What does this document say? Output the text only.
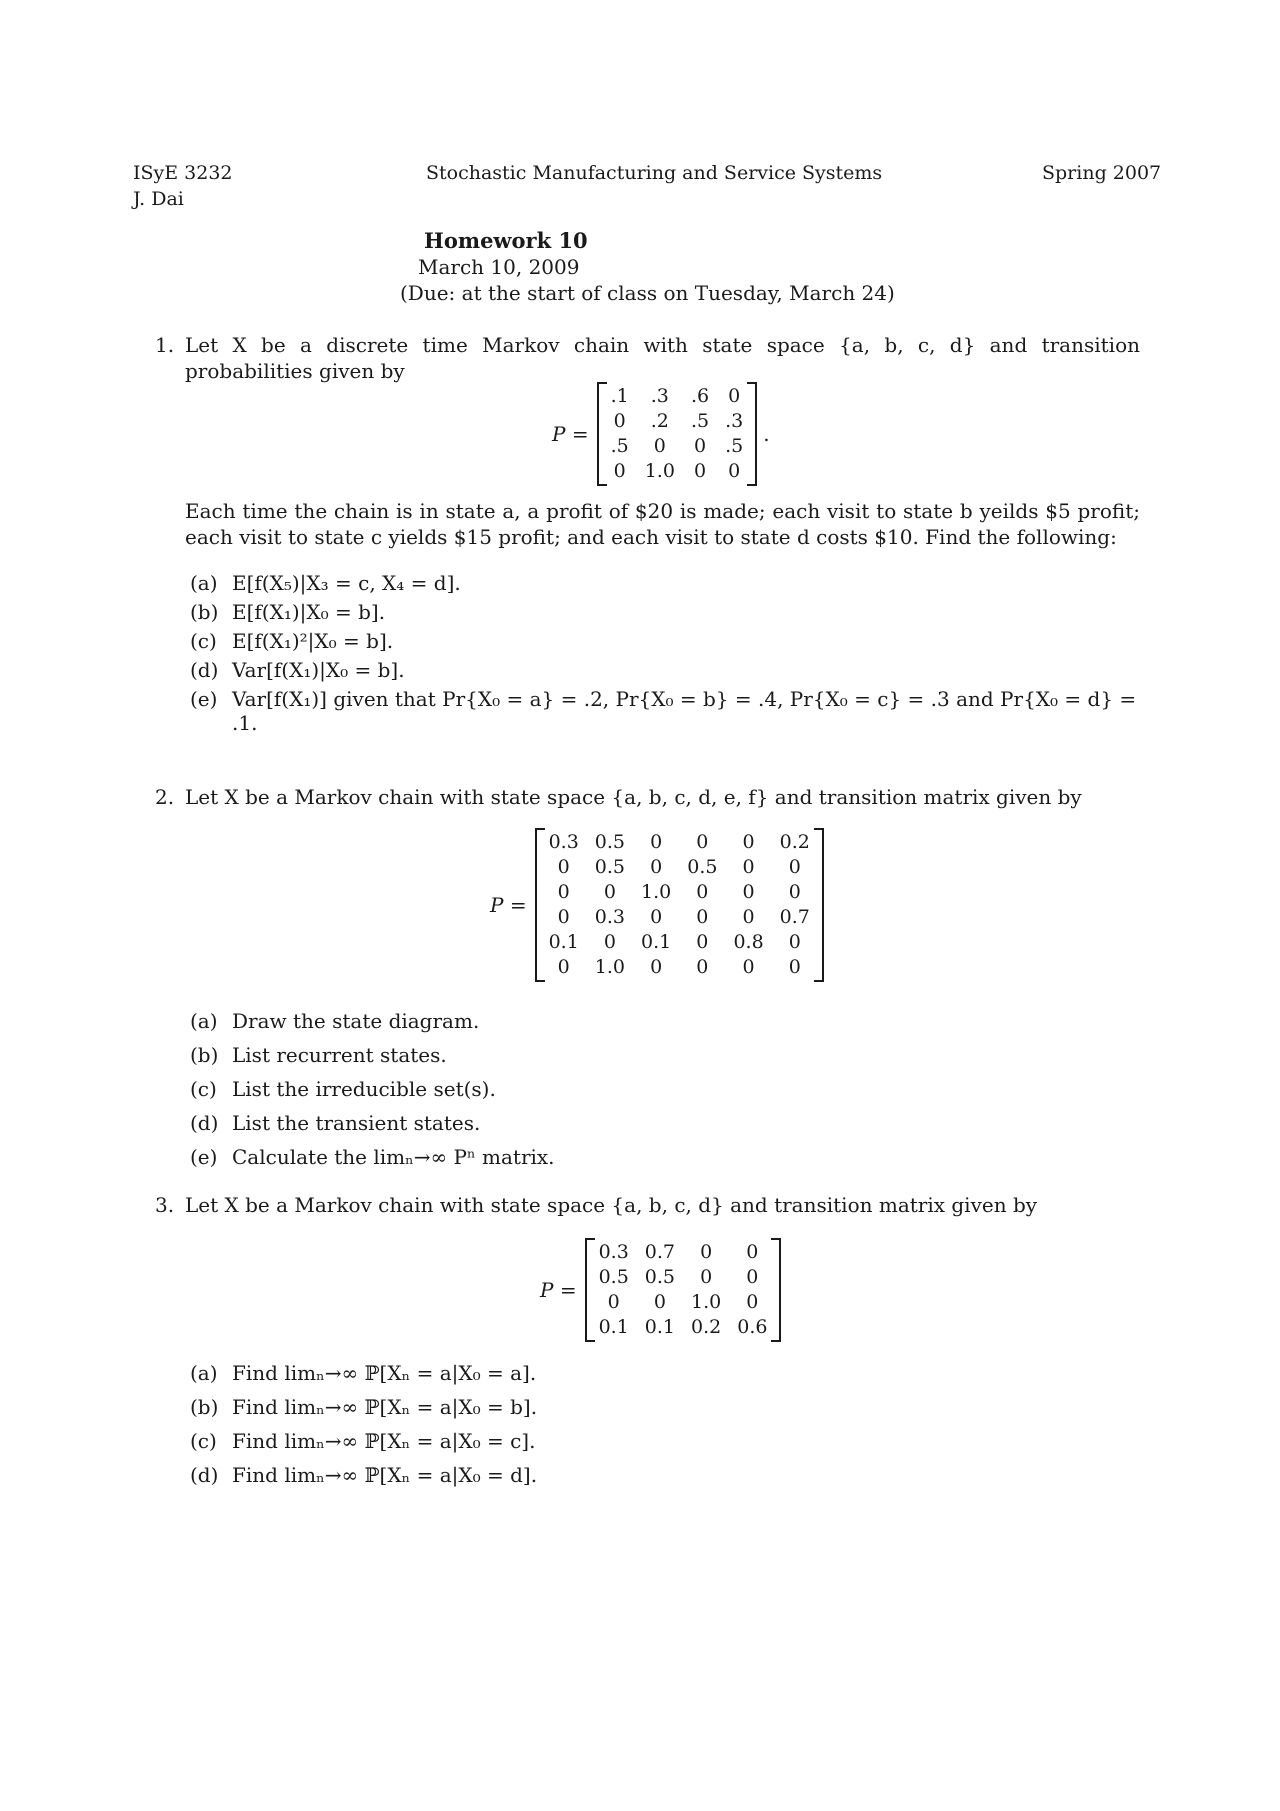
ISyE 3232
J. Dai
Stochastic Manufacturing and Service Systems	Spring 2007
Homework 10
March 10, 2009
(Due: at the start of class on Tuesday, March 24)
1. Let X be a discrete time Markov chain with state space {a, b, c, d} and transition probabilities given by
P =
.1	.3	.6	0
0	.2	.5	.3
.5	0	0	.5
0	1.0	0	0
.
Each time the chain is in state a, a profit of $20 is made; each visit to state b yeilds $5 profit; each visit to state c yields $15 profit; and each visit to state d costs $10. Find the following:
(a) E[f(X₅)|X₃ = c, X₄ = d].
(b) E[f(X₁)|X₀ = b].
(c) E[f(X₁)²|X₀ = b].
(d) Var[f(X₁)|X₀ = b].
(e) Var[f(X₁)] given that Pr{X₀ = a} = .2, Pr{X₀ = b} = .4, Pr{X₀ = c} = .3 and Pr{X₀ = d} =
.1.
2. Let X be a Markov chain with state space {a, b, c, d, e, f} and transition matrix given by
P =
0.3	0.5	0	0	0	0.2
0	0.5	0	0.5	0	0
0	0	1.0	0	0	0
0	0.3	0	0	0	0.7
0.1	0	0.1	0	0.8	0
0	1.0	0	0	0	0
(a) Draw the state diagram.
(b) List recurrent states.
(c) List the irreducible set(s).
(d) List the transient states.
(e) Calculate the limₙ→∞ Pⁿ matrix.
3. Let X be a Markov chain with state space {a, b, c, d} and transition matrix given by
P =
0.3	0.7	0	0
0.5	0.5	0	0
0	0	1.0	0
0.1	0.1	0.2	0.6
(a) Find limₙ→∞ ℙ[Xₙ = a|X₀ = a].
(b) Find limₙ→∞ ℙ[Xₙ = a|X₀ = b].
(c) Find limₙ→∞ ℙ[Xₙ = a|X₀ = c].
(d) Find limₙ→∞ ℙ[Xₙ = a|X₀ = d].
